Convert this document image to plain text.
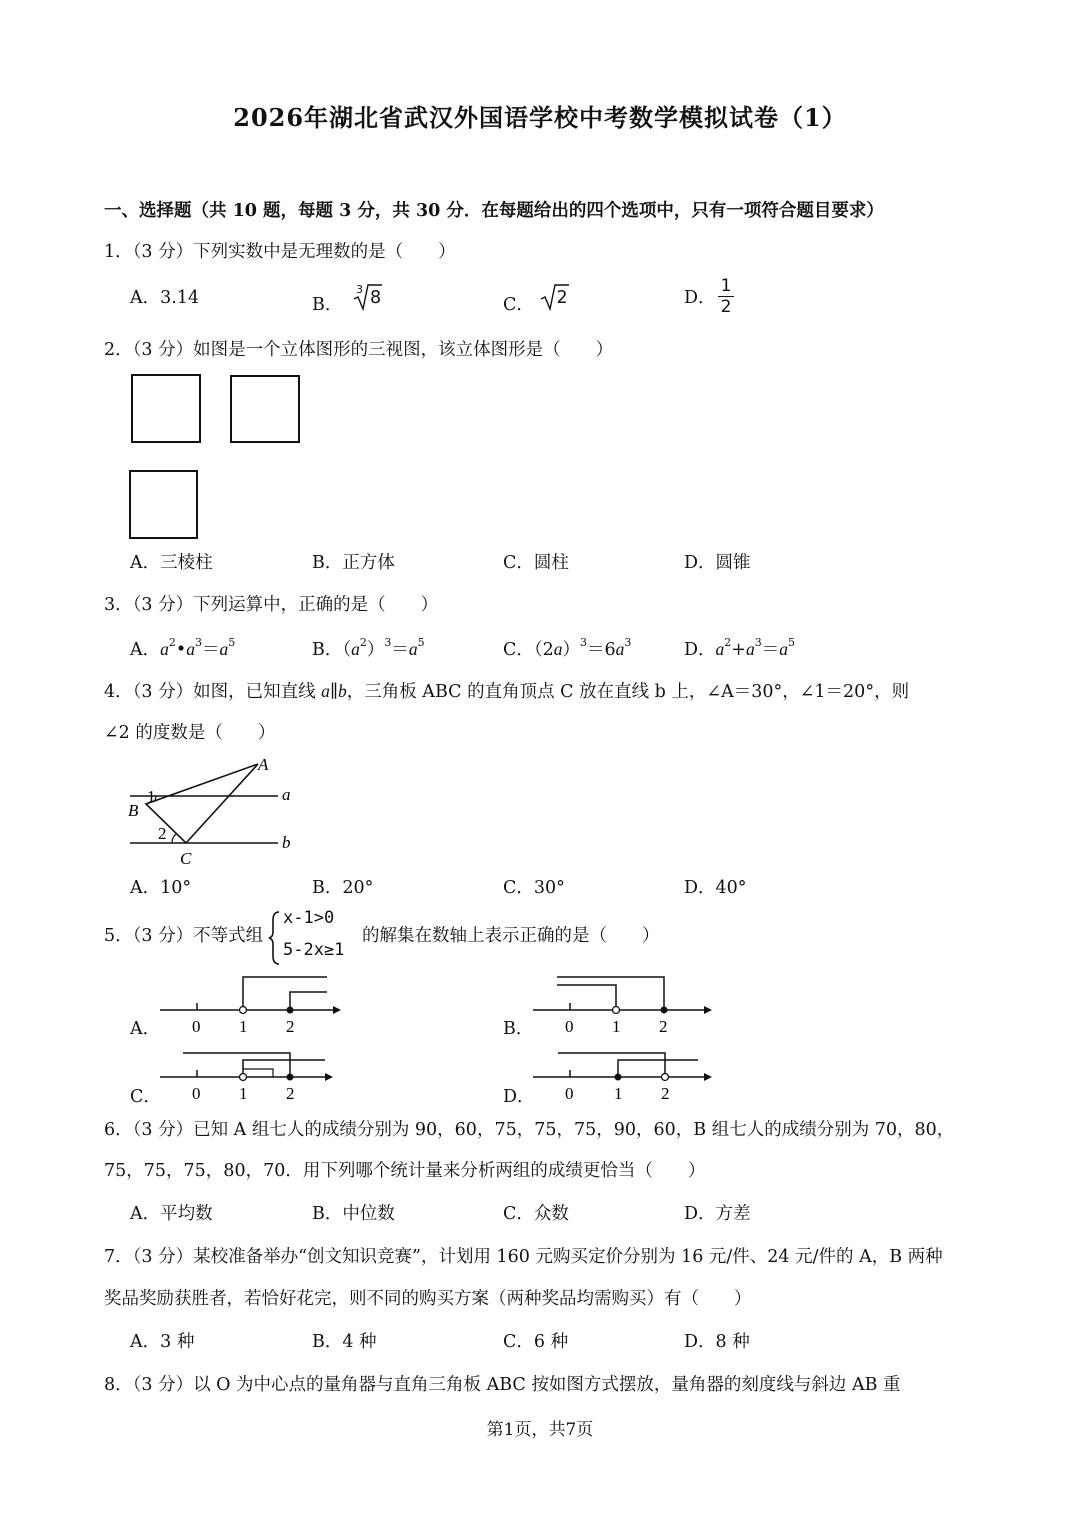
2026年湖北省武汉外国语学校中考数学模拟试卷（1）
一、选择题（共 10 题，每题 3 分，共 30 分．在每题给出的四个选项中，只有一项符合题目要求）
1．（3 分）下列实数中是无理数的是（　　）
A．3.14	B．
3 8	C． 2	D． $\frac{1}{2}$
2．（3 分）如图是一个立体图形的三视图，该立体图形是（　　）
A．三棱柱	B．正方体	C．圆柱	D．圆锥
3．（3 分）下列运算中，正确的是（　　）
A．$a^2•a^3=a^5$	B．$(a^2)^3=a^5$	C．$(2a)^3=6a^3$	D．$a^2+a^3=a^5$
4．（3 分）如图，已知直线 a∥b，三角板 ABC 的直角顶点 C 放在直线 b 上，∠A＝30°，∠1＝20°，则
∠2 的度数是（　　）
A
B
C
a
b
1
2
A．10°	B．20°	C．30°	D．40°
5．（3 分）不等式组
x-1>0
5-2x≥1
的解集在数轴上表示正确的是（　　）
A． 0 1 2	B． 0 1 2
C． 0 1 2	D． 0 1 2
6．（3 分）已知 A 组七人的成绩分别为 90，60，75，75，75，90，60，B 组七人的成绩分别为 70，80，
75，75，75，80，70．用下列哪个统计量来分析两组的成绩更恰当（　　）
A．平均数	B．中位数	C．众数	D．方差
7．（3 分）某校准备举办“创文知识竞赛”，计划用 160 元购买定价分别为 16 元/件、24 元/件的 A，B 两种
奖品奖励获胜者，若恰好花完，则不同的购买方案（两种奖品均需购买）有（　　）
A．3 种	B．4 种	C．6 种	D．8 种
8．（3 分）以 O 为中心点的量角器与直角三角板 ABC 按如图方式摆放，量角器的刻度线与斜边 AB 重
第1页，共7页
